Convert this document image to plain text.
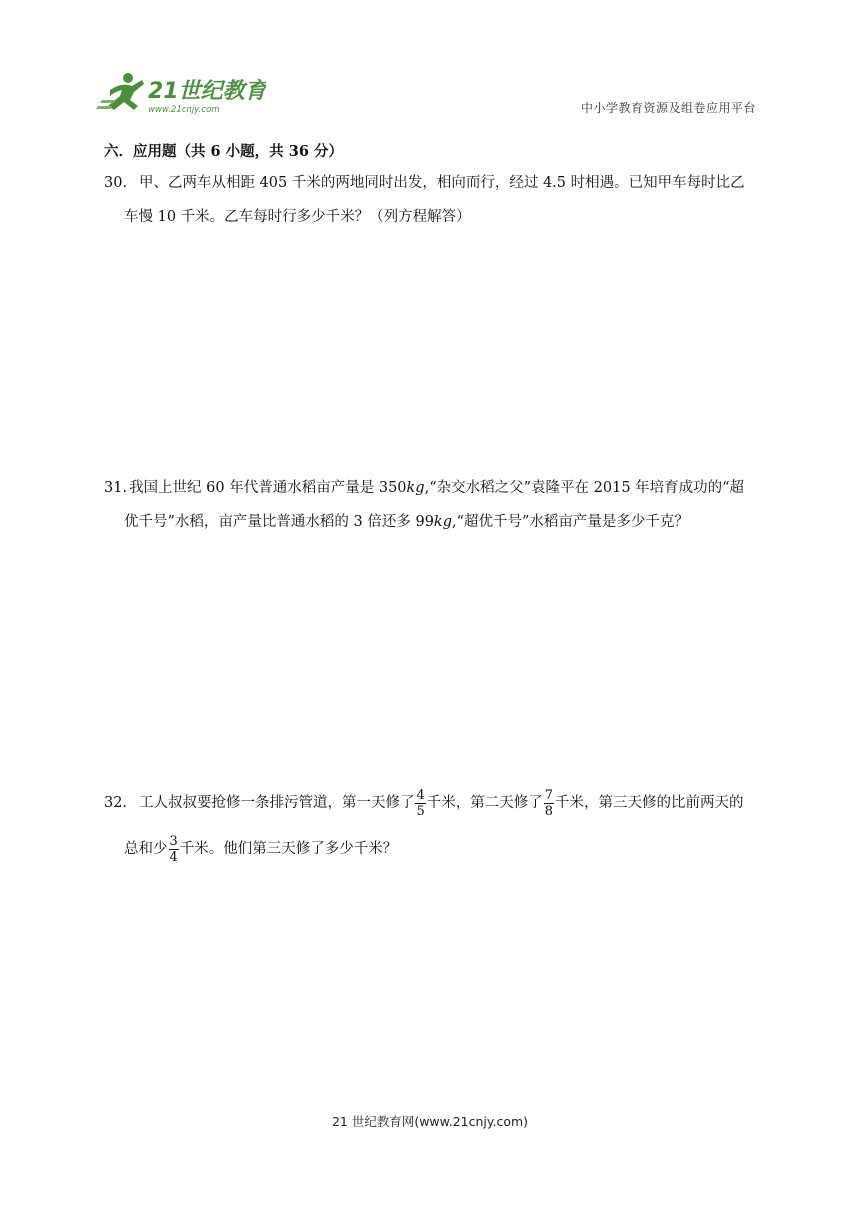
21世纪教育
www.21cnjy.com	中小学教育资源及组卷应用平台
六．应用题（共 6 小题，共 36 分）
30． 甲、乙两车从相距 405 千米的两地同时出发，相向而行，经过 4.5 时相遇。已知甲车每时比乙
车慢 10 千米。乙车每时行多少千米？（列方程解答）
31. 我国上世纪 60 年代普通水稻亩产量是 350kg,“杂交水稻之父”袁隆平在 2015 年培育成功的“超
优千号”水稻，亩产量比普通水稻的 3 倍还多 99kg,“超优千号”水稻亩产量是多少千克？
32． 工人叔叔要抢修一条排污管道，第一天修了 $\frac{4}{5}$ 千米，第二天修了 $\frac{7}{8}$ 千米，第三天修的比前两天的
总和少 $\frac{3}{4}$ 千米。他们第三天修了多少千米？
21 世纪教育网(www.21cnjy.com)
